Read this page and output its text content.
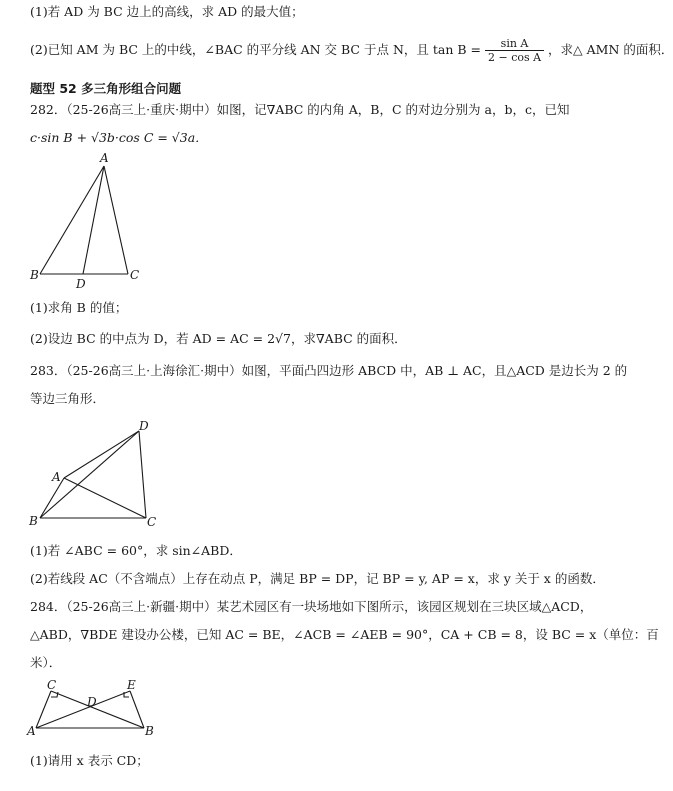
(1)若 AD 为 BC 边上的高线，求 AD 的最大值；
(2)已知 AM 为 BC 上的中线，∠BAC 的平分线 AN 交 BC 于点 N，且 $\tan B = \frac{\text{sin A}}{\text{2 − cos A}}$ ，求△ AMN 的面积．
题型 52 多三角形组合问题
282．（25-26高三上·重庆·期中）如图，记∇ABC 的内角 A，B，C 的对边分别为 a，b，c，已知
c·sin B + √3b·cos C = √3a．
A
B	C
D
(1)求角 B 的值；
(2)设边 BC 的中点为 D，若 AD = AC = 2√7，求∇ABC 的面积．
283．（25-26高三上·上海徐汇·期中）如图，平面凸四边形 ABCD 中，AB ⊥ AC，且△ACD 是边长为 2 的
等边三角形．
A
B	C
D
(1)若 ∠ABC = 60°，求 sin∠ABD．
(2)若线段 AC（不含端点）上存在动点 P，满足 BP = DP，记 BP = y, AP = x，求 y 关于 x 的函数．
284．（25-26高三上·新疆·期中）某艺术园区有一块场地如下图所示，该园区规划在三块区域△ACD，
△ABD，∇BDE 建设办公楼，已知 AC = BE，∠ACB = ∠AEB = 90°，CA + CB = 8，设 BC = x（单位：百
米）．
C	E
D
A	B
(1)请用 x 表示 CD；
